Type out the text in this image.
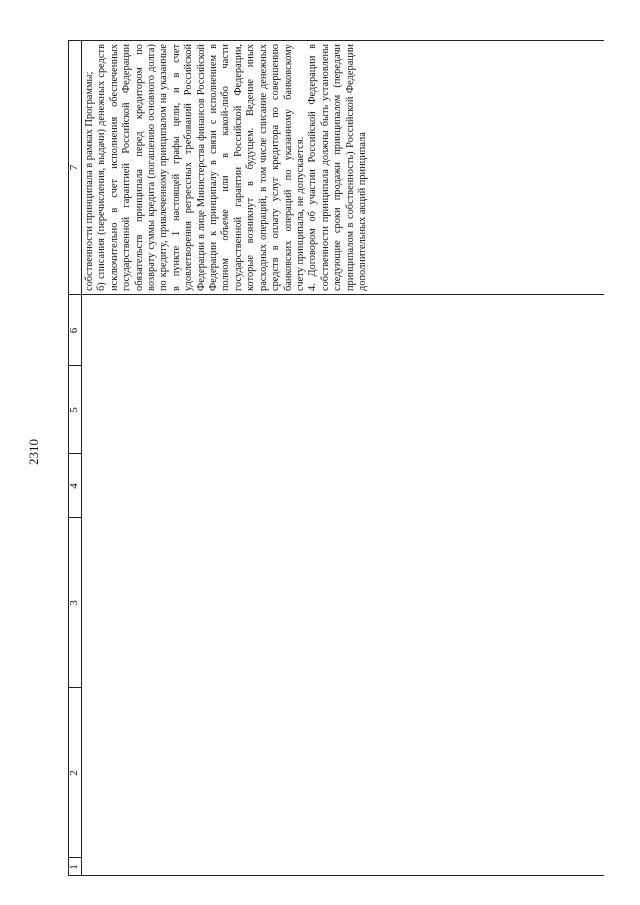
2310
1
2
3
4
5
6
7 собственности принципала в рамках Программы; б) списания (перечисления, выдачи) денежных средств исключительно в счет исполнения обеспеченных государственной гарантией Российской Федерации обязательств принципала перед кредитором по возврату суммы кредита (погашению основного долга) по кредиту, привлеченному принципалом на указанные в пункте 1 настоящей графы цели, и в счет удовлетворения регрессных требований Российской Федерации в лице Министерства финансов Российской Федерации к принципалу в связи с исполнением в полном объеме или в какой-либо части государственной гарантии Российской Федерации, которые возникнут в будущем. Ведение иных расходных операций, в том числе списание денежных средств в оплату услуг кредитора по совершению банковских операций по указанному банковскому счету принципала, не допускается. 4. Договором об участии Российской Федерации в собственности принципала должны быть установлены следующие сроки продажи принципалом (передачи принципалом в собственность) Российской Федерации дополнительных акций принципала
